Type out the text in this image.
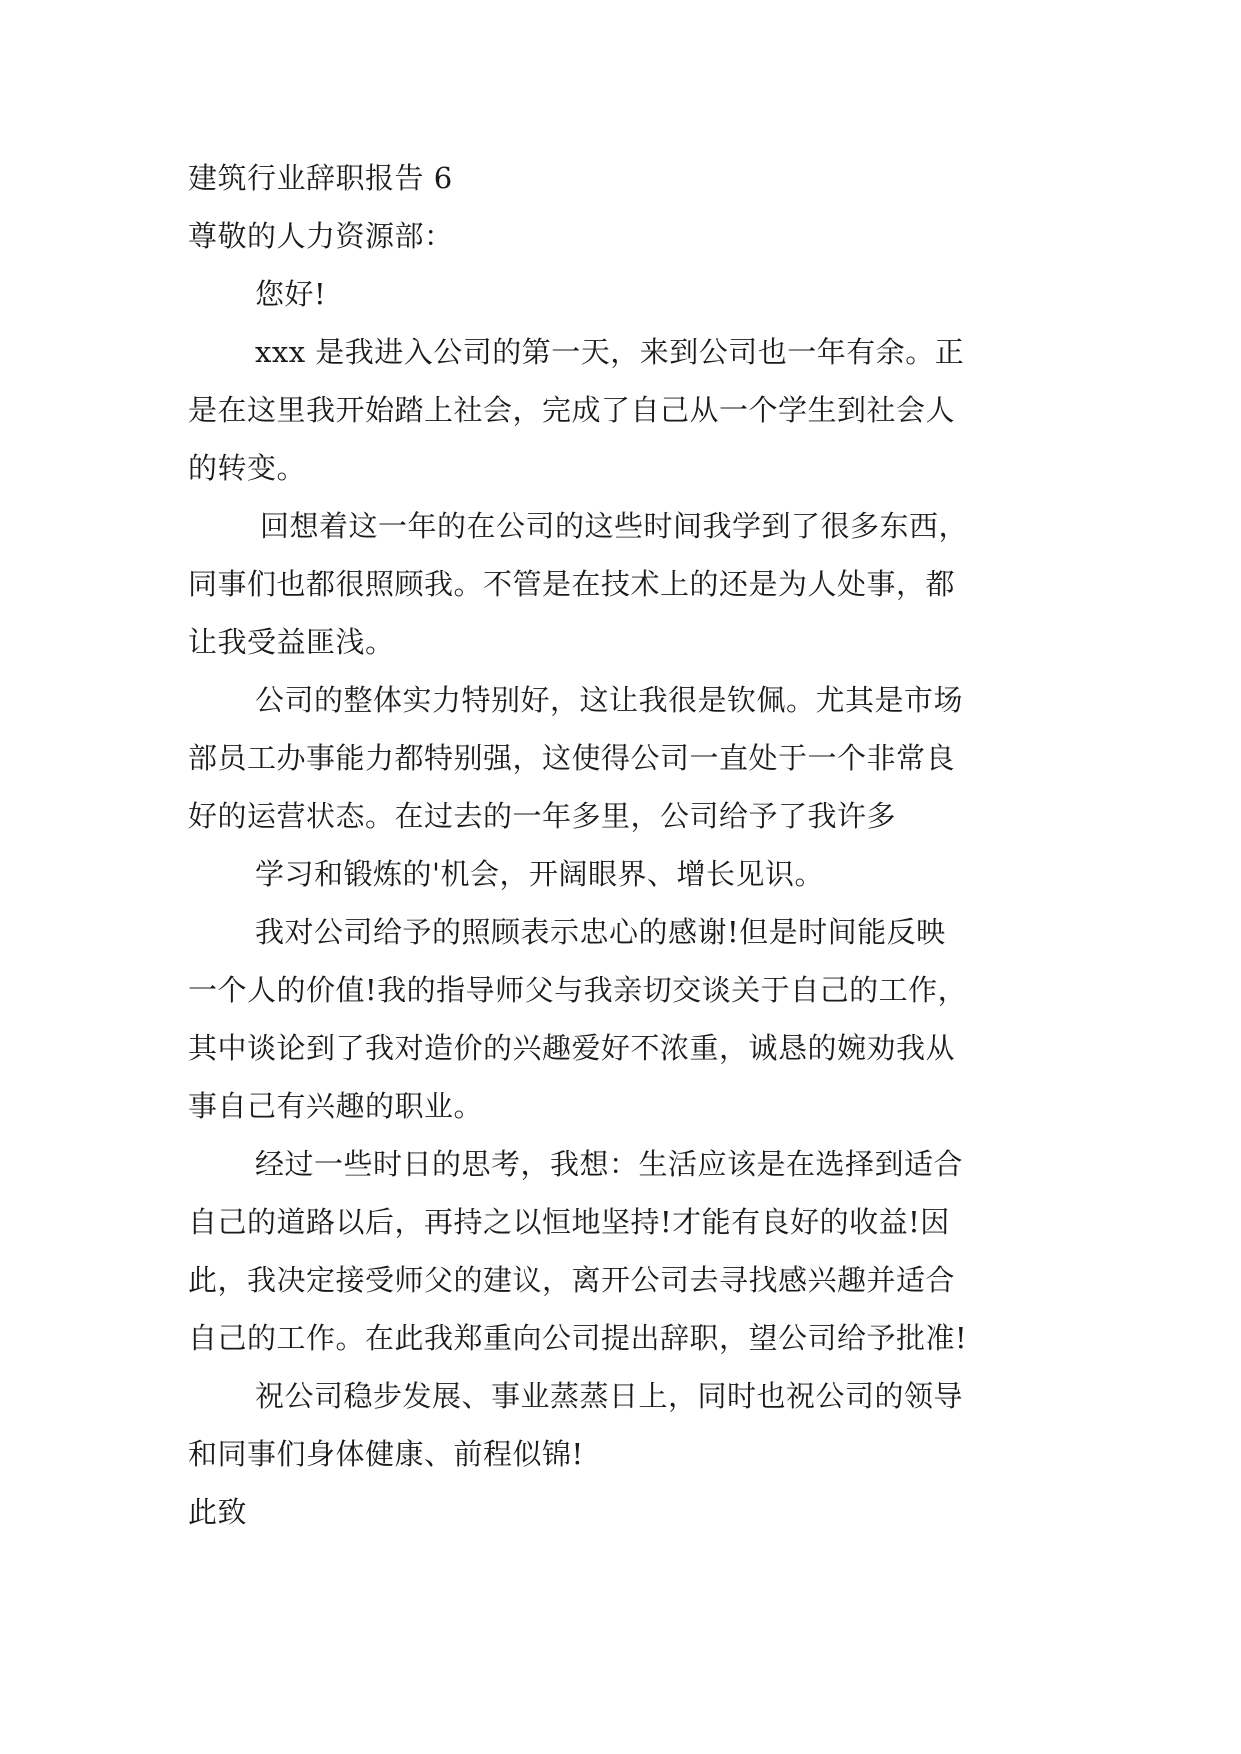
建筑行业辞职报告 6
尊敬的人力资源部：
您好!
xxx 是我进入公司的第一天，来到公司也一年有余。正
是在这里我开始踏上社会，完成了自己从一个学生到社会人
的转变。
回想着这一年的在公司的这些时间我学到了很多东西，
同事们也都很照顾我。不管是在技术上的还是为人处事，都
让我受益匪浅。
公司的整体实力特别好，这让我很是钦佩。尤其是市场
部员工办事能力都特别强，这使得公司一直处于一个非常良
好的运营状态。在过去的一年多里，公司给予了我许多
学习和锻炼的'机会，开阔眼界、增长见识。
我对公司给予的照顾表示忠心的感谢!但是时间能反映
一个人的价值!我的指导师父与我亲切交谈关于自己的工作，
其中谈论到了我对造价的兴趣爱好不浓重，诚恳的婉劝我从
事自己有兴趣的职业。
经过一些时日的思考，我想：生活应该是在选择到适合
自己的道路以后，再持之以恒地坚持!才能有良好的收益!因
此，我决定接受师父的建议，离开公司去寻找感兴趣并适合
自己的工作。在此我郑重向公司提出辞职，望公司给予批准!
祝公司稳步发展、事业蒸蒸日上，同时也祝公司的领导
和同事们身体健康、前程似锦!
此致
